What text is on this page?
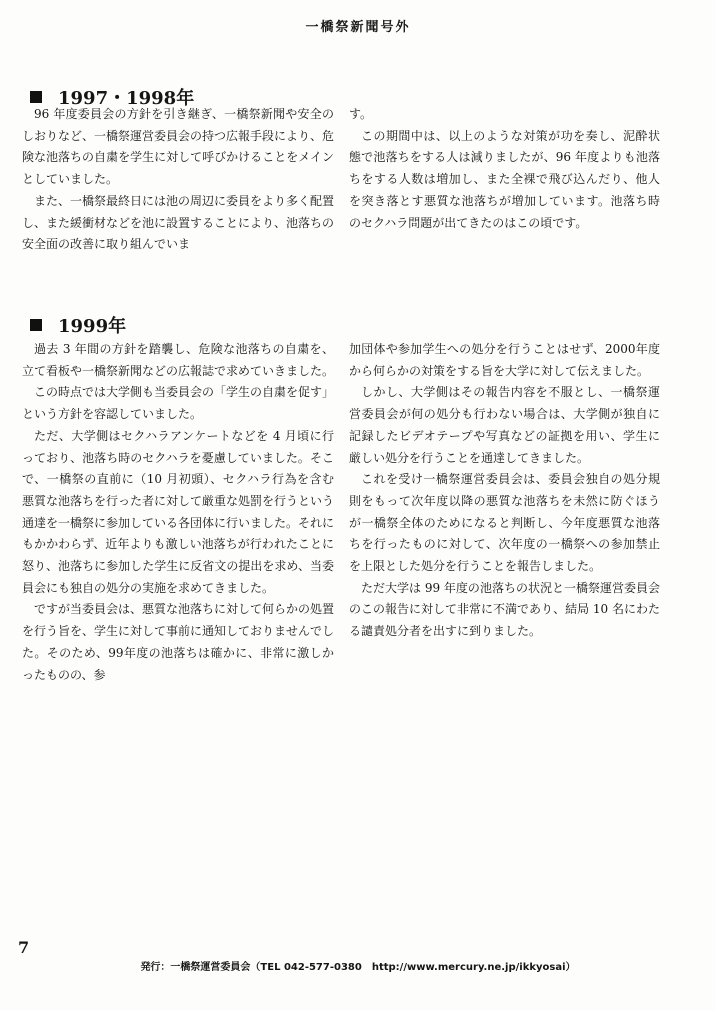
一橋祭新聞号外
1997・1998年

96 年度委員会の方針を引き継ぎ、一橋祭新聞や安全のしおりなど、一橋祭運営委員会の持つ広報手段により、危険な池落ちの自粛を学生に対して呼びかけることをメインとしていました。

また、一橋祭最終日には池の周辺に委員をより多く配置し、また緩衝材などを池に設置することにより、池落ちの安全面の改善に取り組んでいま

す。

この期間中は、以上のような対策が功を奏し、泥酔状態で池落ちをする人は減りましたが、96 年度よりも池落ちをする人数は増加し、また全裸で飛び込んだり、他人を突き落とす悪質な池落ちが増加しています。池落ち時のセクハラ問題が出てきたのはこの頃です。

1999年

過去 3 年間の方針を踏襲し、危険な池落ちの自粛を、立て看板や一橋祭新聞などの広報誌で求めていきました。

この時点では大学側も当委員会の「学生の自粛を促す」という方針を容認していました。

ただ、大学側はセクハラアンケートなどを 4 月頃に行っており、池落ち時のセクハラを憂慮していました。そこで、一橋祭の直前に（10 月初頭）、セクハラ行為を含む悪質な池落ちを行った者に対して厳重な処罰を行うという通達を一橋祭に参加している各団体に行いました。それにもかかわらず、近年よりも激しい池落ちが行われたことに怒り、池落ちに参加した学生に反省文の提出を求め、当委員会にも独自の処分の実施を求めてきました。

ですが当委員会は、悪質な池落ちに対して何らかの処置を行う旨を、学生に対して事前に通知しておりませんでした。そのため、99年度の池落ちは確かに、非常に激しかったものの、参

加団体や参加学生への処分を行うことはせず、2000年度から何らかの対策をする旨を大学に対して伝えました。

しかし、大学側はその報告内容を不服とし、一橋祭運営委員会が何の処分も行わない場合は、大学側が独自に記録したビデオテープや写真などの証拠を用い、学生に厳しい処分を行うことを通達してきました。

これを受け一橋祭運営委員会は、委員会独自の処分規則をもって次年度以降の悪質な池落ちを未然に防ぐほうが一橋祭全体のためになると判断し、今年度悪質な池落ちを行ったものに対して、次年度の一橋祭への参加禁止を上限とした処分を行うことを報告しました。

ただ大学は 99 年度の池落ちの状況と一橋祭運営委員会のこの報告に対して非常に不満であり、結局 10 名にわたる譴責処分者を出すに到りました。

7
発行：一橋祭運営委員会（TEL 042-577-0380　http://www.mercury.ne.jp/ikkyosai）
